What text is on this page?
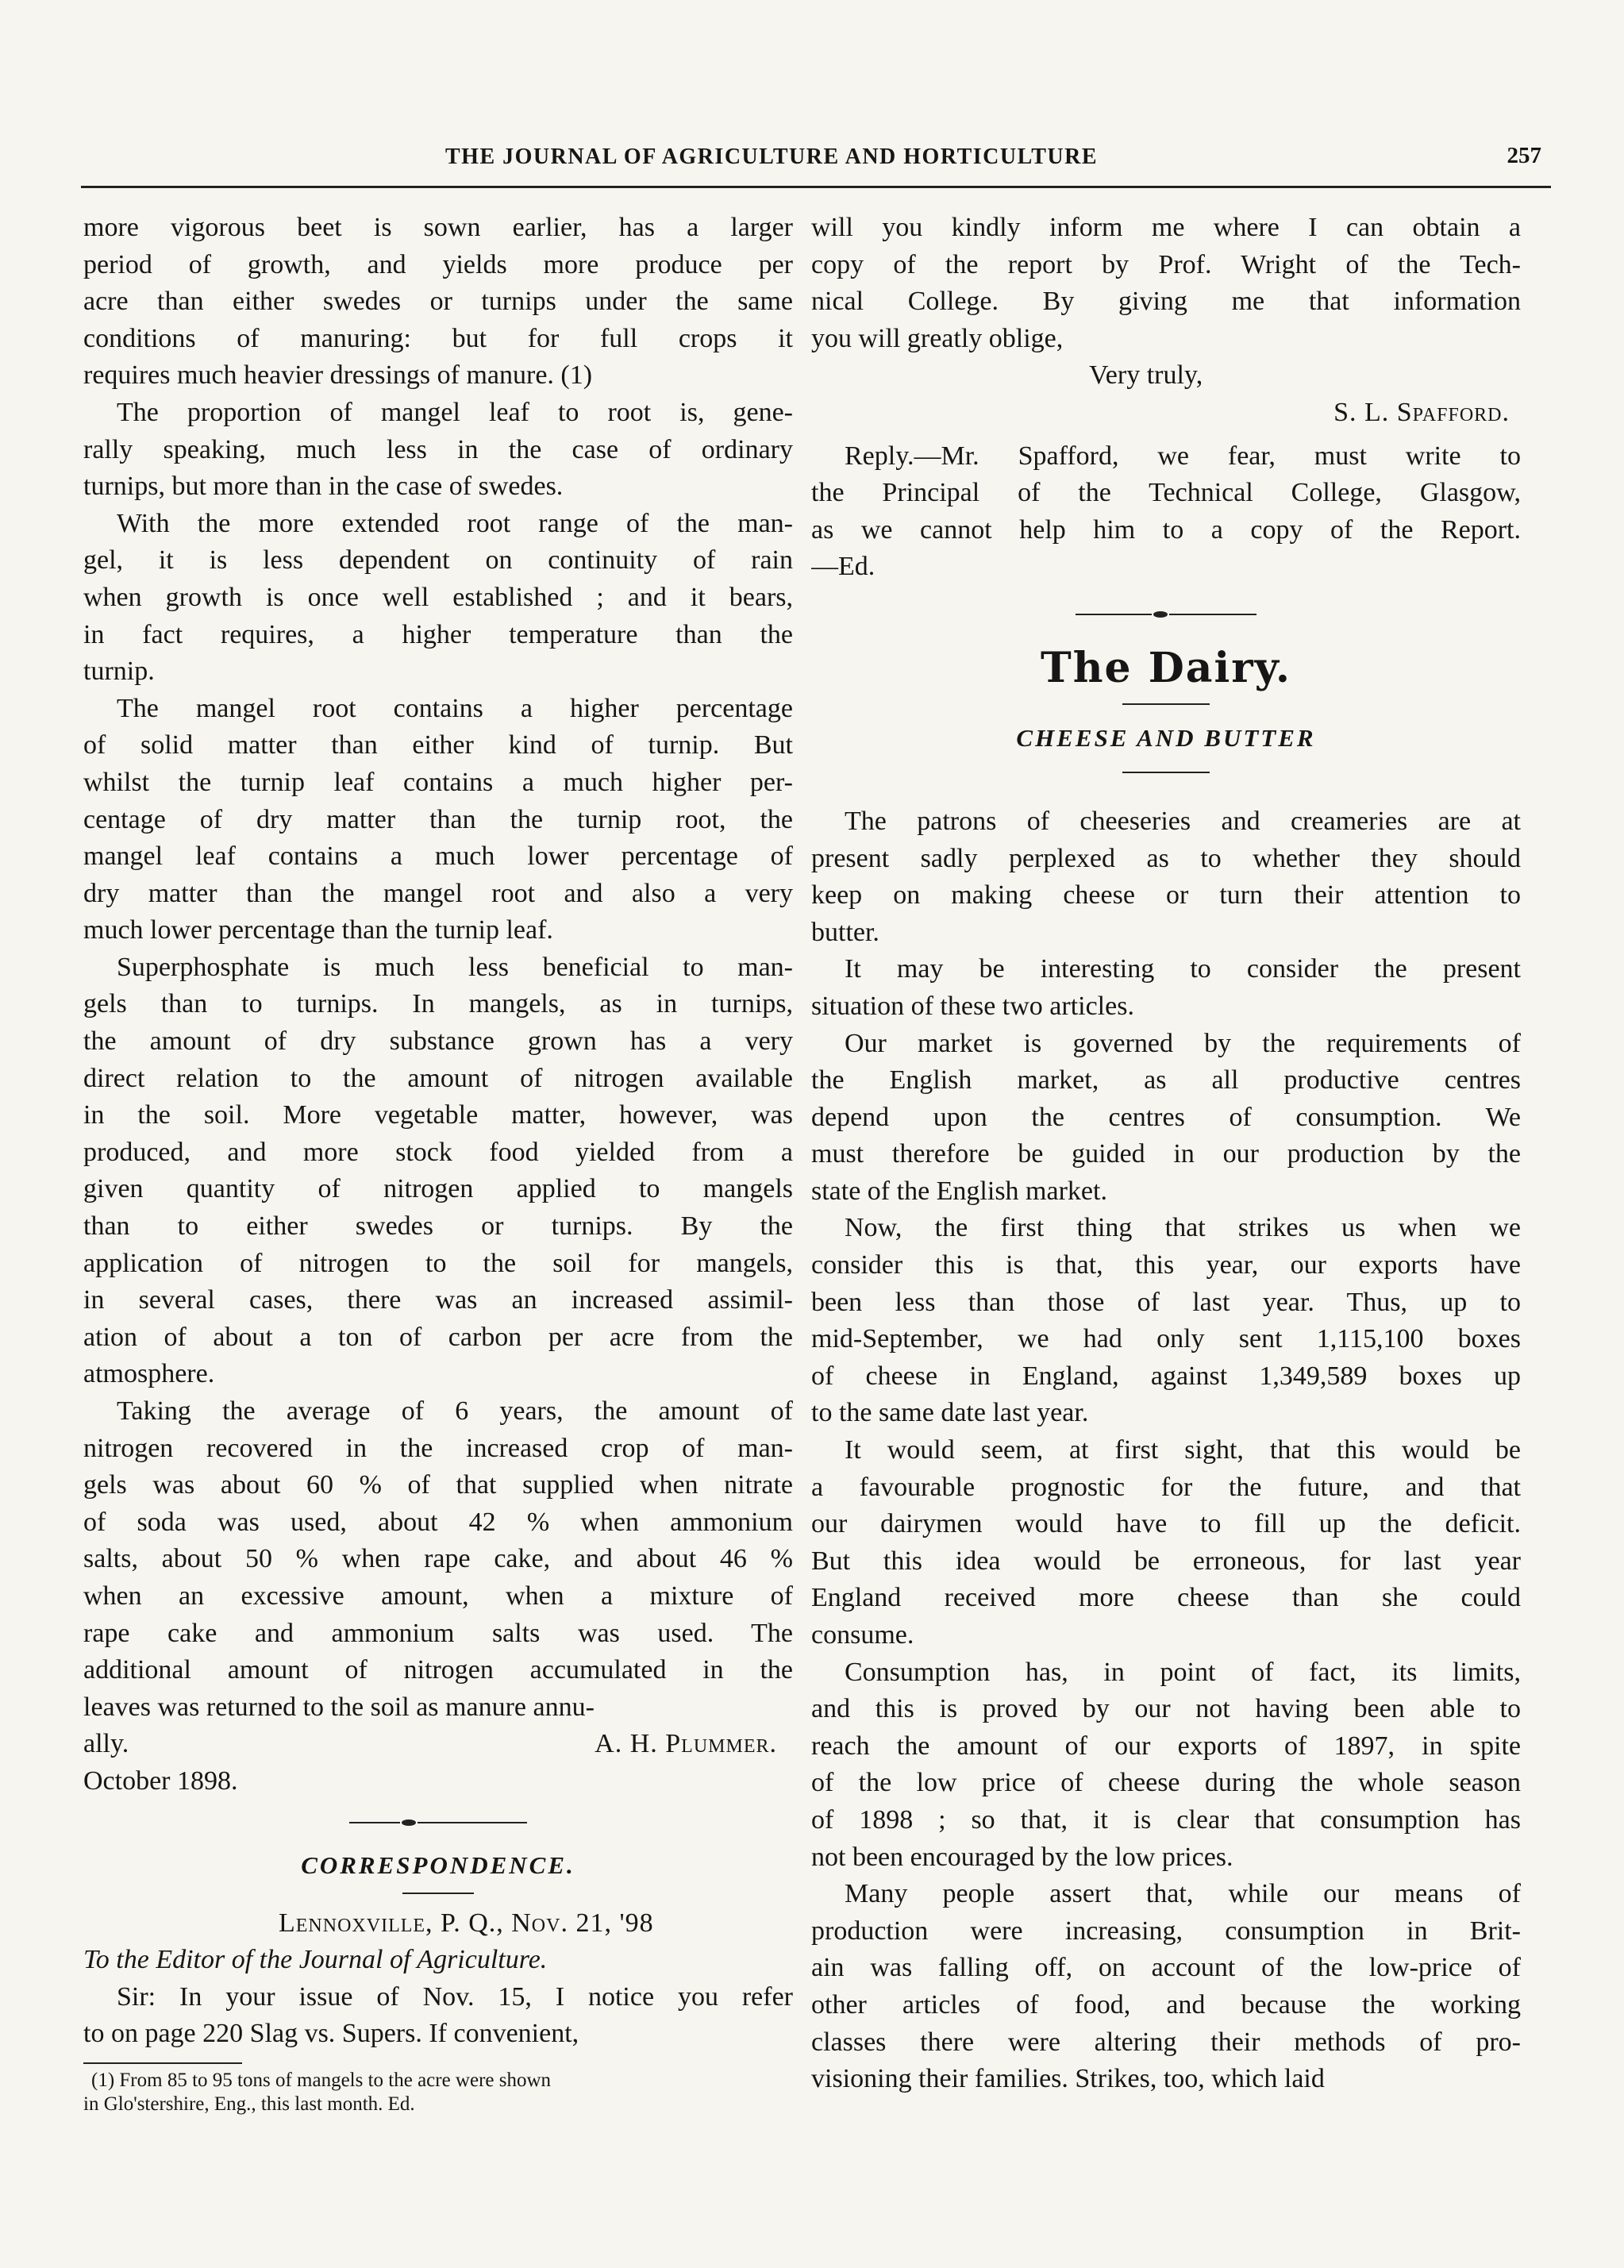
THE JOURNAL OF AGRICULTURE AND HORTICULTURE	257

more vigorous beet is sown earlier, has a larger
period of growth, and yields more produce per
acre than either swedes or turnips under the same
conditions of manuring: but for full crops it
requires much heavier dressings of manure. (1)

The proportion of mangel leaf to root is, gene-
rally speaking, much less in the case of ordinary
turnips, but more than in the case of swedes.

With the more extended root range of the man-
gel, it is less dependent on continuity of rain
when growth is once well established ; and it bears,
in fact requires, a higher temperature than the
turnip.

The mangel root contains a higher percentage
of solid matter than either kind of turnip. But
whilst the turnip leaf contains a much higher per-
centage of dry matter than the turnip root, the
mangel leaf contains a much lower percentage of
dry matter than the mangel root and also a very
much lower percentage than the turnip leaf.

Superphosphate is much less beneficial to man-
gels than to turnips. In mangels, as in turnips,
the amount of dry substance grown has a very
direct relation to the amount of nitrogen available
in the soil. More vegetable matter, however, was
produced, and more stock food yielded from a
given quantity of nitrogen applied to mangels
than to either swedes or turnips. By the
application of nitrogen to the soil for mangels,
in several cases, there was an increased assimil-
ation of about a ton of carbon per acre from the
atmosphere.

Taking the average of 6 years, the amount of
nitrogen recovered in the increased crop of man-
gels was about 60 % of that supplied when nitrate
of soda was used, about 42 % when ammonium
salts, about 50 % when rape cake, and about 46 %
when an excessive amount, when a mixture of
rape cake and ammonium salts was used. The
additional amount of nitrogen accumulated in the
leaves was returned to the soil as manure annu-

ally.	A. H. Plummer.
October 1898.
CORRESPONDENCE.
Lennoxville, P. Q., Nov. 21, '98
To the Editor of the Journal of Agriculture.

Sir: In your issue of Nov. 15, I notice you refer
to on page 220 Slag vs. Supers. If convenient,

(1) From 85 to 95 tons of mangels to the acre were shown
in Glo'stershire, Eng., this last month. Ed.

will you kindly inform me where I can obtain a
copy of the report by Prof. Wright of the Tech-
nical College. By giving me that information
you will greatly oblige,

Very truly,
S. L. Spafford.

Reply.—Mr. Spafford, we fear, must write to
the Principal of the Technical College, Glasgow,
as we cannot help him to a copy of the Report.
—Ed.

The Dairy.
CHEESE AND BUTTER

The patrons of cheeseries and creameries are at
present sadly perplexed as to whether they should
keep on making cheese or turn their attention to
butter.

It may be interesting to consider the present
situation of these two articles.

Our market is governed by the requirements of
the English market, as all productive centres
depend upon the centres of consumption. We
must therefore be guided in our production by the
state of the English market.

Now, the first thing that strikes us when we
consider this is that, this year, our exports have
been less than those of last year. Thus, up to
mid-September, we had only sent 1,115,100 boxes
of cheese in England, against 1,349,589 boxes up
to the same date last year.

It would seem, at first sight, that this would be
a favourable prognostic for the future, and that
our dairymen would have to fill up the deficit.
But this idea would be erroneous, for last year
England received more cheese than she could
consume.

Consumption has, in point of fact, its limits,
and this is proved by our not having been able to
reach the amount of our exports of 1897, in spite
of the low price of cheese during the whole season
of 1898 ; so that, it is clear that consumption has
not been encouraged by the low prices.

Many people assert that, while our means of
production were increasing, consumption in Brit-
ain was falling off, on account of the low-price of
other articles of food, and because the working
classes there were altering their methods of pro-
visioning their families. Strikes, too, which laid
